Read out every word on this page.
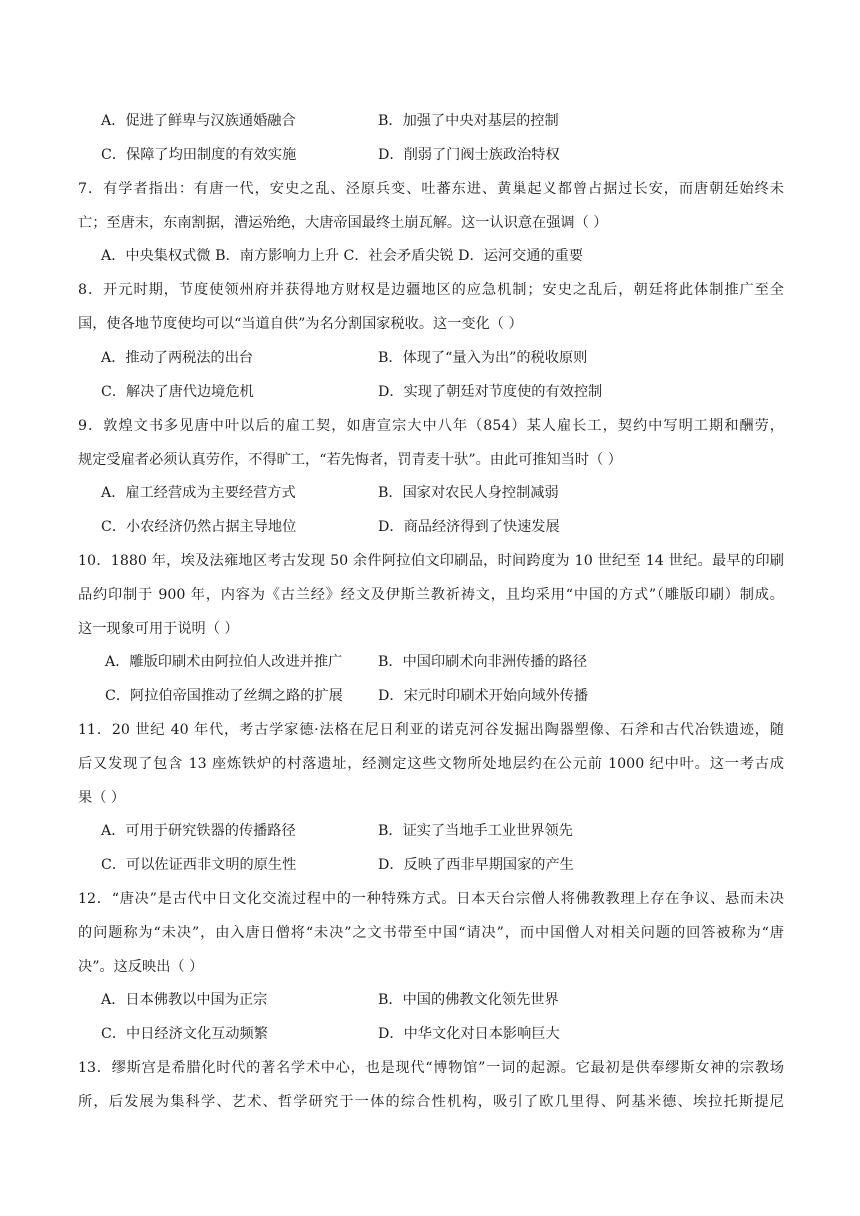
A．促进了鲜卑与汉族通婚融合	B．加强了中央对基层的控制
C．保障了均田制度的有效实施	D．削弱了门阀士族政治特权
7．有学者指出：有唐一代，安史之乱、泾原兵变、吐蕃东进、黄巢起义都曾占据过长安，而唐朝廷始终未
亡；至唐末，东南割据，漕运殆绝，大唐帝国最终土崩瓦解。这一认识意在强调（ ）
A．中央集权式微 B．南方影响力上升 C．社会矛盾尖锐 D．运河交通的重要
8．开元时期，节度使领州府并获得地方财权是边疆地区的应急机制；安史之乱后，朝廷将此体制推广至全
国，使各地节度使均可以“当道自供”为名分割国家税收。这一变化（ ）
A．推动了两税法的出台	B．体现了“量入为出”的税收原则
C．解决了唐代边境危机	D．实现了朝廷对节度使的有效控制
9．敦煌文书多见唐中叶以后的雇工契，如唐宣宗大中八年（854）某人雇长工，契约中写明工期和酬劳，
规定受雇者必须认真劳作，不得旷工，“若先悔者，罚青麦十驮”。由此可推知当时（ ）
A．雇工经营成为主要经营方式	B．国家对农民人身控制减弱
C．小农经济仍然占据主导地位	D．商品经济得到了快速发展
10．1880 年，埃及法雍地区考古发现 50 余件阿拉伯文印刷品，时间跨度为 10 世纪至 14 世纪。最早的印刷
品约印制于 900 年，内容为《古兰经》经文及伊斯兰教祈祷文，且均采用“中国的方式”（雕版印刷）制成。
这一现象可用于说明（ ）
A．雕版印刷术由阿拉伯人改进并推广	B．中国印刷术向非洲传播的路径
C．阿拉伯帝国推动了丝绸之路的扩展 D．宋元时印刷术开始向域外传播
11．20 世纪 40 年代，考古学家德·法格在尼日利亚的诺克河谷发掘出陶器塑像、石斧和古代冶铁遗迹，随
后又发现了包含 13 座炼铁炉的村落遗址，经测定这些文物所处地层约在公元前 1000 纪中叶。这一考古成
果（ ）
A．可用于研究铁器的传播路径	B．证实了当地手工业世界领先
C．可以佐证西非文明的原生性	D．反映了西非早期国家的产生
12．“唐决”是古代中日文化交流过程中的一种特殊方式。日本天台宗僧人将佛教教理上存在争议、悬而未决
的问题称为“未决”，由入唐日僧将“未决”之文书带至中国“请决”，而中国僧人对相关问题的回答被称为“唐
决”。这反映出（ ）
A．日本佛教以中国为正宗	B．中国的佛教文化领先世界
C．中日经济文化互动频繁	D．中华文化对日本影响巨大
13．缪斯宫是希腊化时代的著名学术中心，也是现代“博物馆”一词的起源。它最初是供奉缪斯女神的宗教场
所，后发展为集科学、艺术、哲学研究于一体的综合性机构，吸引了欧几里得、阿基米德、埃拉托斯提尼
